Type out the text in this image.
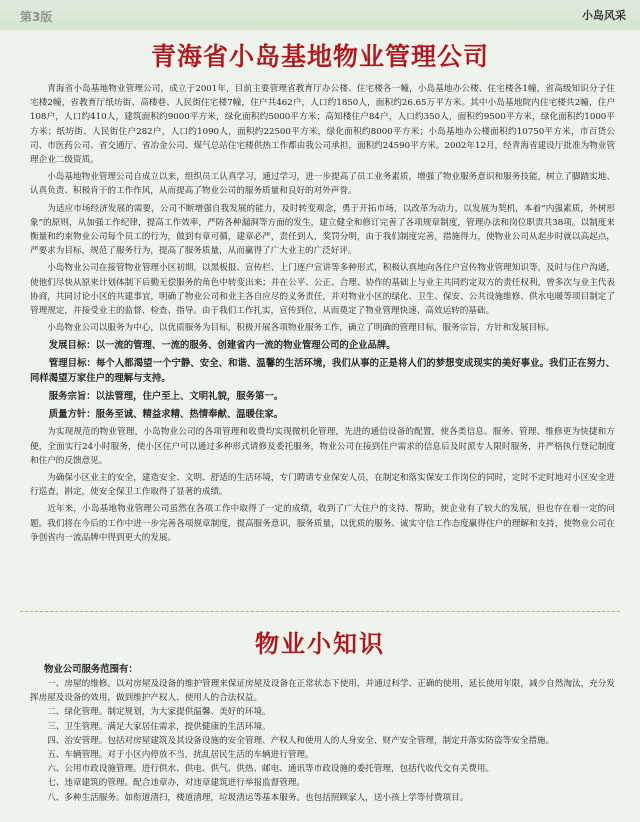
第3版	小岛风采
青海省小岛基地物业管理公司

青海省小岛基地物业管理公司，成立于2001年，目前主要管理省教育厅办公楼、住宅楼各一幢，小岛基地办公楼、住宅楼各1幢，省高级知识分子住宅楼2幢，省教育厅纸坊街、高楼巷、人民街住宅楼7幢，住户共462户，人口约1850人，面积约26.65万平方米。其中小岛基地院内住宅楼共2幢，住户108户，人口约410人，建筑面积约9000平方米，绿化面积约5000平方米；高知楼住户84户，人口约350人，面积约9500平方米，绿化面积约1000平方米；纸坊街、人民街住户282户，人口约1090人，面积约22500平方米，绿化面积约8000平方米；小岛基地办公楼面积约10750平方米，市百货公司、市医药公司、省交通厅、省冶金公司、煤气总站住宅楼供热工作都由我公司承担，面积约24590平方米。2002年12月，经青海省建设厅批准为物业管理企业二级资质。

小岛基地物业管理公司自成立以来，组织员工认真学习，通过学习，进一步提高了员工业务素质，增强了物业服务意识和服务技能，树立了脚踏实地、认真负责、积极肯干的工作作风，从而提高了物业公司的服务质量和良好的对外声誉。

为适应市场经济发展的需要，公司不断增强自我发展的能力，及时转变观念，勇于开拓市场，以改革为动力，以发展为契机，本着“内强素质，外树形象”的原则，从加强工作纪律，提高工作效率，严防各种漏洞等方面的发生，建立健全和修订完善了各项规章制度，管理办法和岗位职责共38项。以制度来衡量和约束物业公司每个员工的行为，做到有章可循，建章必严，责任到人，奖罚分明，由于我们制度完善，措施得力，使物业公司从起步时就以高起点，严要求为目标，规范了服务行为，提高了服务质量，从而赢得了广大业主的广泛好评。

小岛物业公司在接管物业管理小区初期，以黑板报、宣传栏、上门逐户宣讲等多种形式，积极认真地向各住户宣传物业管理知识等，及时与住户沟通，使他们尽快从原来计划体制下后勤无偿服务的角色中转变出来；并在公平、公正、合理、协作的基础上与业主共同约定双方的责任权利，曾多次与业主代表协商，共同讨论小区的共建事宜，明确了物业公司和业主各自应尽的义务责任，并对物业小区的绿化、卫生、保安、公共设施维修、供水电暖等项目制定了管理规定，并接受业主的监督、检查、指导。由于我们工作扎实，宣传到位，从而奠定了物业管理快速、高效运转的基础。

小岛物业公司以服务为中心，以优质服务为目标，积极开展各项物业服务工作，确立了明确的管理目标，服务宗旨，方针和发展目标。

发展目标：以一流的管理、一流的服务、创建省内一流的物业管理公司的企业品牌。

管理目标：每个人都渴望一个宁静、安全、和谐、温馨的生活环境，我们从事的正是将人们的梦想变成现实的美好事业。我们正在努力、同样渴望万家住户的理解与支持。

服务宗旨：以法管理，住户至上、文明礼貌，服务第一。

质量方针：服务至诚、精益求精、热情奉献、温暖住家。

为实现规范的物业管理，小岛物业公司的各项管理和收费均实现微机化管理，先进的通信设备的配置，使各类信息、服务、管理、维修更为快捷和方便，全面实行24小时服务，使小区住户可以通过多种形式请修及委托服务，物业公司在接到住户需求的信息后及时派专人限时服务，并严格执行登记制度和住户的反馈意见。

为确保小区业主的安全，建造安全、文明、舒适的生活环境，专门聘请专业保安人员，在制定和落实保安工作岗位的同时，定时不定时地对小区安全进行巡查，斟定，使安全保卫工作取得了显著的成绩。

近年来，小岛基地物业管理公司虽然在各项工作中取得了一定的成绩，收到了广大住户的支持、帮助，使企业有了较大的发展，但也存在着一定的问题。我们将在今后的工作中进一步完善各项规章制度，提高服务意识，服务质量，以优质的服务、诚实守信工作态度赢得住户的理解和支持，使物业公司在争创省内一流品牌中得到更大的发展。

物业小知识
物业公司服务范围有：
一、房屋的维修。以对房屋及设备的维护管理来保证房屋及设备在正常状态下使用，并通过科学、正确的使用，延长使用年限，减少自然淘汰，充分发挥房屋及设备的效用，做到维护产权人、使用人的合法权益。
二、绿化管理。制定规划，为大家提供温馨、美好的环境。
三、卫生管理。满足大家居住需求，提供健康的生活环境。
四、治安管理。包括对房屋建筑及其设备设施的安全管理、产权人和使用人的人身安全、财产安全管理，制定并落实防盗等安全措施。
五、车辆管理。对于小区内停放不当，扰乱居民生活的车辆进行管理。
六、公用市政设施管理。进行供水、供电、供气、供热、邮电、通讯等市政设施的委托管理，包括代收代交有关费用。
七、违章建筑的管理。配合违章办，对违章建筑进行举报监督管理。
八、多种生活服务。如衔道清扫，楼道清理，垃圾清运等基本服务。也包括照顾家人，送小孩上学等付费项目。
